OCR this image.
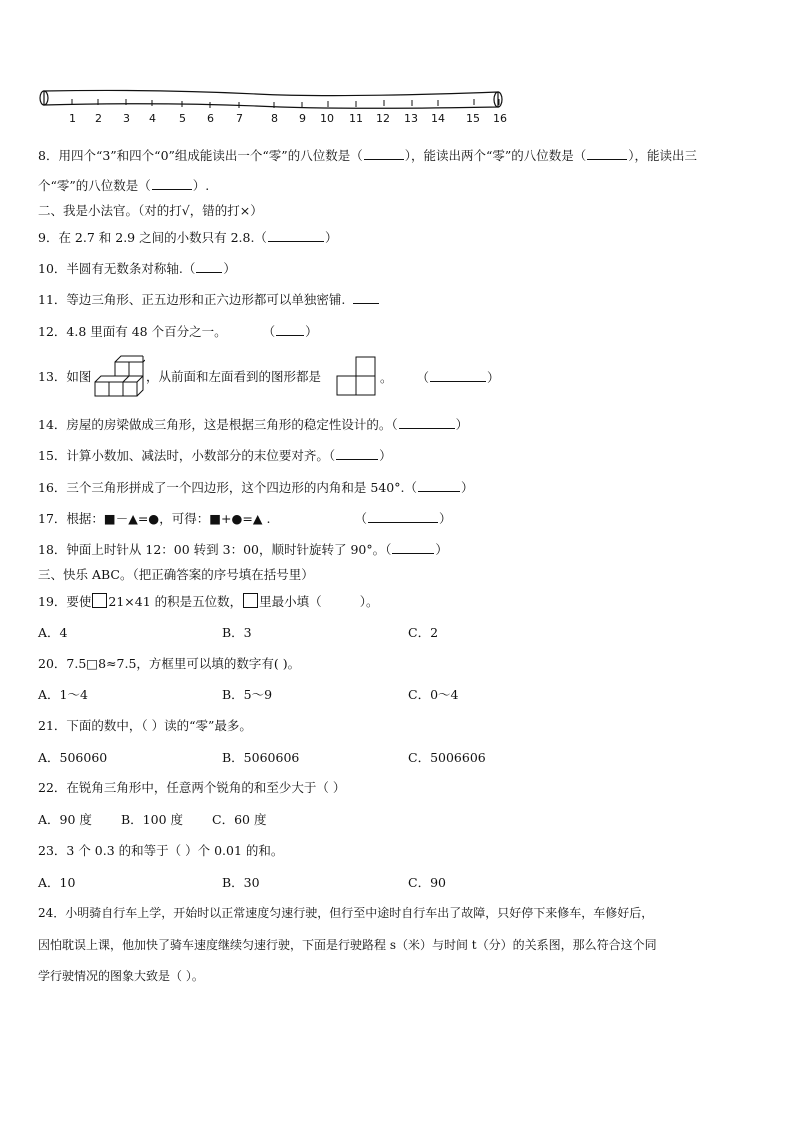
1 2 3 4 5 6 7	8 9 10 11 12 13 14 15 16
8．用四个“3”和四个“0”组成能读出一个“零”的八位数是（	），能读出两个“零”的八位数是（	），能读出三
个“零”的八位数是（	）.
二、我是小法官。（对的打√，错的打×）
9．在 2.7 和 2.9 之间的小数只有 2.8.（	）
10．半圆有无数条对称轴.（ ）
11．等边三角形、正五边形和正六边形都可以单独密铺.
12．4.8 里面有 48 个百分之一。	（ ）
13．如图	，从前面和左面看到的图形都是	。 （	）
14．房屋的房梁做成三角形，这是根据三角形的稳定性设计的。（	）
15．计算小数加、减法时，小数部分的末位要对齐。（	）
16．三个三角形拼成了一个四边形，这个四边形的内角和是 540°.（	）
17．根据：■－▲=●，可得：■+●=▲ .	（	）
18．钟面上时针从 12：00 转到 3：00，顺时针旋转了 90°。（	）
三、快乐 ABC。（把正确答案的序号填在括号里）
19．要使 21×41 的积是五位数， 里最小填（	）。
A．4	B．3	C．2
20．7.5□8≈7.5，方框里可以填的数字有( )。
A．1～4	B．5～9	C．0～4
21．下面的数中，（ ）读的“零”最多。
A．506060	B．5060606	C．5006606
22．在锐角三角形中，任意两个锐角的和至少大于（ ）
A．90 度 B．100 度 C．60 度
23．3 个 0.3 的和等于（ ）个 0.01 的和。
A．10	B．30	C．90
24．小明骑自行车上学，开始时以正常速度匀速行驶，但行至中途时自行车出了故障，只好停下来修车，车修好后，
因怕耽误上课，他加快了骑车速度继续匀速行驶，下面是行驶路程 s（米）与时间 t（分）的关系图，那么符合这个同
学行驶情况的图象大致是（ ）。
